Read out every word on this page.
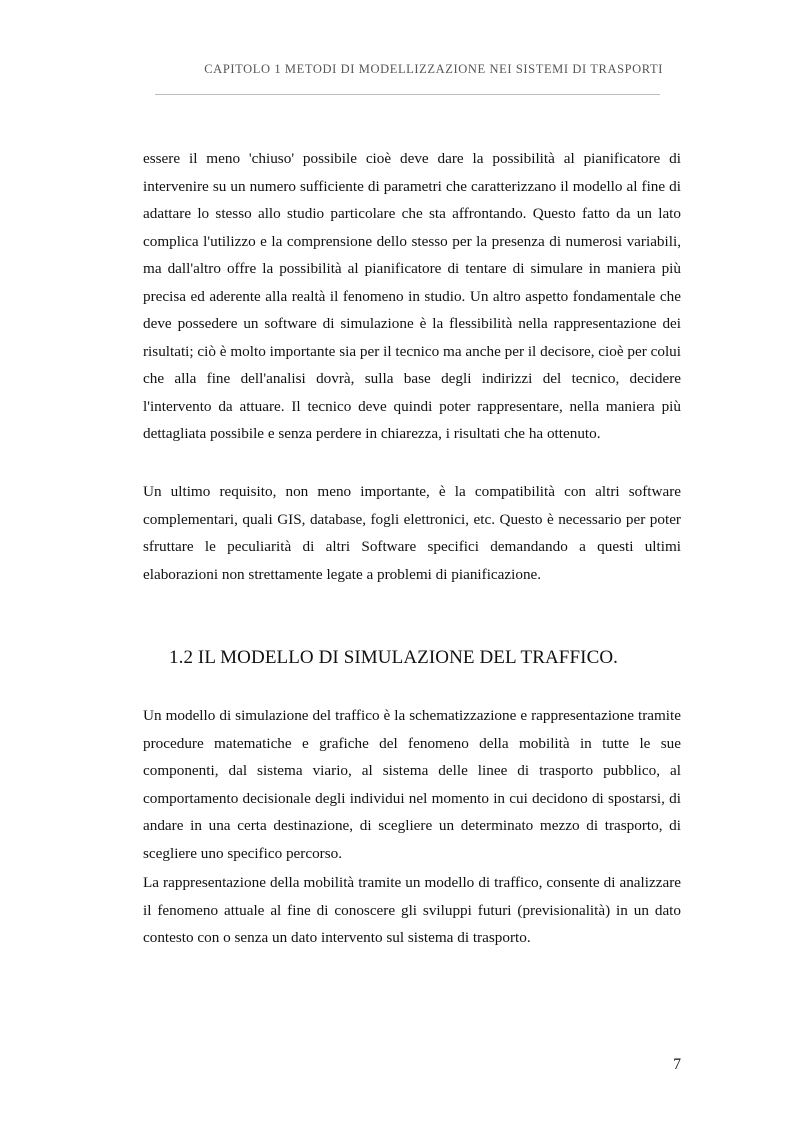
CAPITOLO 1 METODI DI MODELLIZZAZIONE NEI SISTEMI DI TRASPORTI

essere il meno 'chiuso' possibile cioè deve dare la possibilità al pianificatore di intervenire su un numero sufficiente di parametri che caratterizzano il modello al fine di adattare lo stesso allo studio particolare che sta affrontando. Questo fatto da un lato complica l'utilizzo e la comprensione dello stesso per la presenza di numerosi variabili, ma dall'altro offre la possibilità al pianificatore di tentare di simulare in maniera più precisa ed aderente alla realtà il fenomeno in studio. Un altro aspetto fondamentale che deve possedere un software di simulazione è la flessibilità nella rappresentazione dei risultati; ciò è molto importante sia per il tecnico ma anche per il decisore, cioè per colui che alla fine dell'analisi dovrà, sulla base degli indirizzi del tecnico, decidere l'intervento da attuare. Il tecnico deve quindi poter rappresentare, nella maniera più dettagliata possibile e senza perdere in chiarezza, i risultati che ha ottenuto.

Un ultimo requisito, non meno importante, è la compatibilità con altri software complementari, quali GIS, database, fogli elettronici, etc. Questo è necessario per poter sfruttare le peculiarità di altri Software specifici demandando a questi ultimi elaborazioni non strettamente legate a problemi di pianificazione.

1.2 IL MODELLO DI SIMULAZIONE DEL TRAFFICO.

Un modello di simulazione del traffico è la schematizzazione e rappresentazione tramite procedure matematiche e grafiche del fenomeno della mobilità in tutte le sue componenti, dal sistema viario, al sistema delle linee di trasporto pubblico, al comportamento decisionale degli individui nel momento in cui decidono di spostarsi, di andare in una certa destinazione, di scegliere un determinato mezzo di trasporto, di scegliere uno specifico percorso.

La rappresentazione della mobilità tramite un modello di traffico, consente di analizzare il fenomeno attuale al fine di conoscere gli sviluppi futuri (previsionalità) in un dato contesto con o senza un dato intervento sul sistema di trasporto.

7
